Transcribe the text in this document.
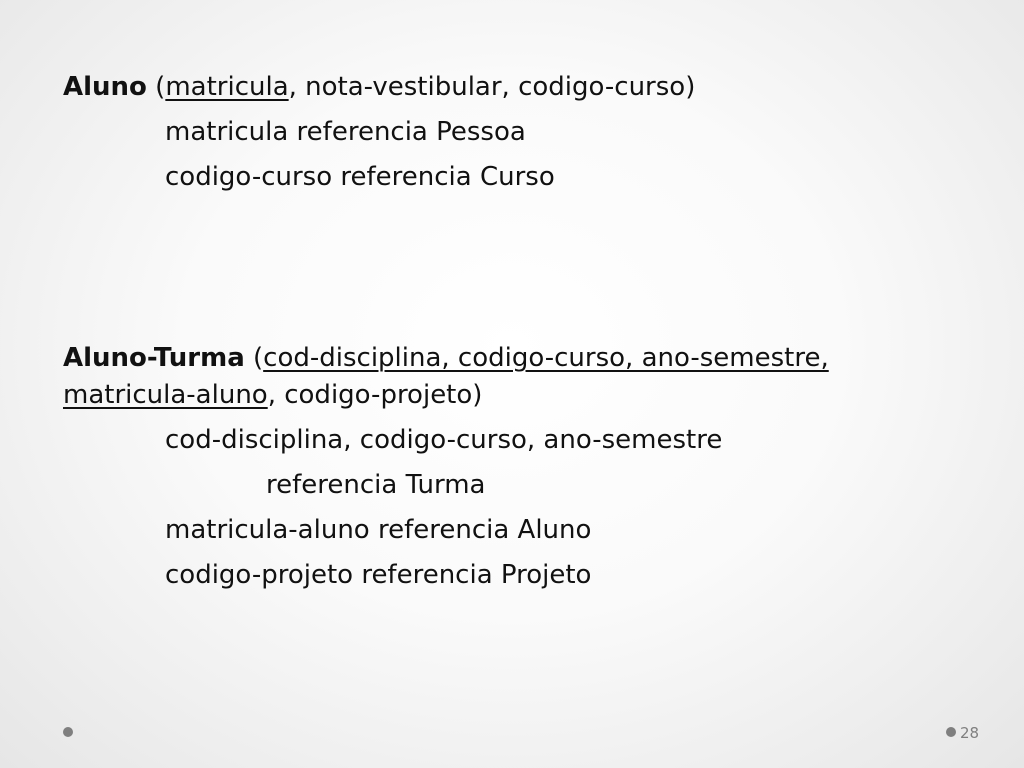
Aluno (matricula, nota-vestibular, codigo-curso)
matricula referencia Pessoa
codigo-curso referencia Curso
Aluno-Turma (cod-disciplina, codigo-curso, ano-semestre,
matricula-aluno, codigo-projeto)
cod-disciplina, codigo-curso, ano-semestre
referencia Turma
matricula-aluno referencia Aluno
codigo-projeto referencia Projeto
28
